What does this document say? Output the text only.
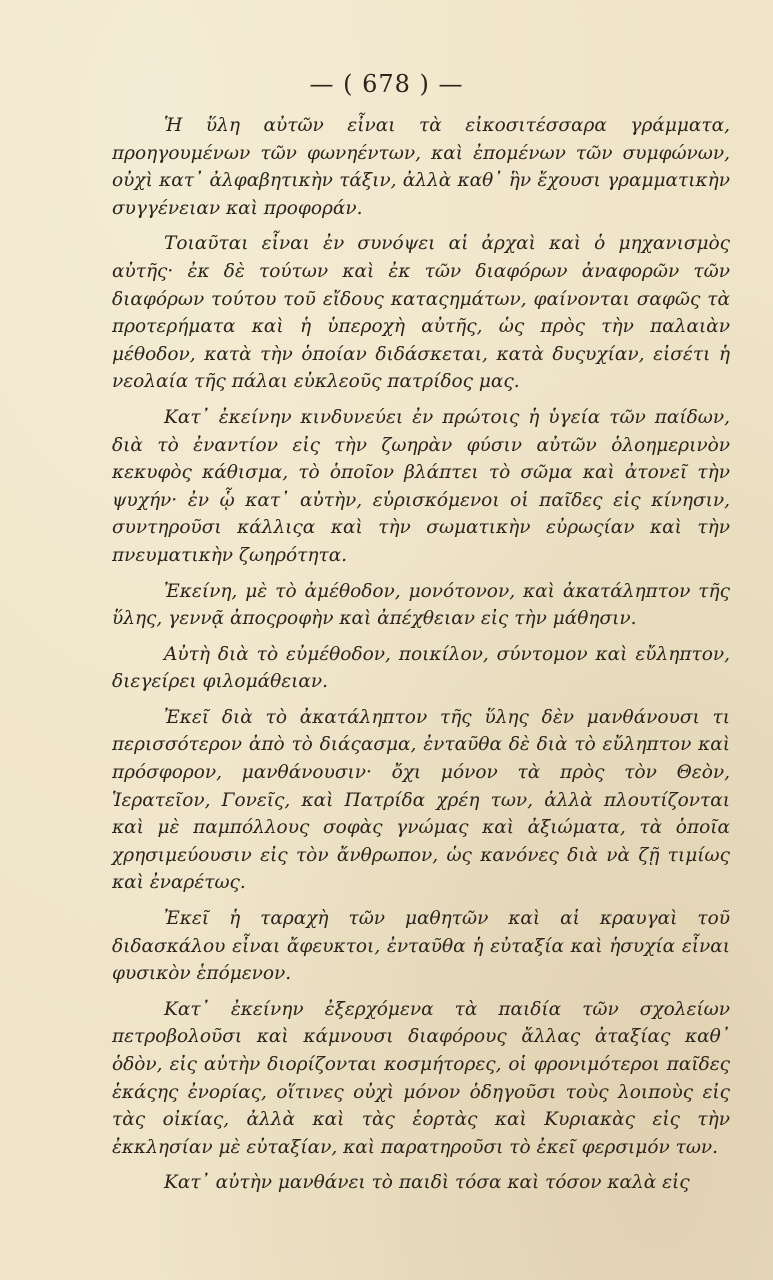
— ( 678 ) —

Ἡ ὕλη αὐτῶν εἶναι τὰ εἰκοσιτέσσαρα γράμματα, προηγουμένων τῶν φωνηέντων, καὶ ἐπομένων τῶν συμφώνων, οὐχὶ κατ᾽ ἀλφαβητικὴν τάξιν, ἀλλὰ καθ᾽ ἣν ἔχουσι γραμματικὴν συγγένειαν καὶ προφοράν.

Τοιαῦται εἶναι ἐν συνόψει αἱ ἀρχαὶ καὶ ὁ μηχανισμὸς αὐτῆς· ἐκ δὲ τούτων καὶ ἐκ τῶν διαφόρων ἀναφορῶν τῶν διαφόρων τούτου τοῦ εἴδους καταςημάτων, φαίνονται σαφῶς τὰ προτερήματα καὶ ἡ ὑπεροχὴ αὐτῆς, ὡς πρὸς τὴν παλαιὰν μέθοδον, κατὰ τὴν ὁποίαν διδάσκεται, κατὰ δυςυχίαν, εἰσέτι ἡ νεολαία τῆς πάλαι εὐκλεοῦς πατρίδος μας.

Κατ᾽ ἐκείνην κινδυνεύει ἐν πρώτοις ἡ ὑγεία τῶν παίδων, διὰ τὸ ἐναντίον εἰς τὴν ζωηρὰν φύσιν αὐτῶν ὁλοημερινὸν κεκυφὸς κάθισμα, τὸ ὁποῖον βλάπτει τὸ σῶμα καὶ ἀτονεῖ τὴν ψυχήν· ἐν ᾧ κατ᾽ αὐτὴν, εὑρισκόμενοι οἱ παῖδες εἰς κίνησιν, συντηροῦσι κάλλιςα καὶ τὴν σωματικὴν εὐρωςίαν καὶ τὴν πνευματικὴν ζωηρότητα.

Ἐκείνη, μὲ τὸ ἀμέθοδον, μονότονον, καὶ ἀκατάληπτον τῆς ὕλης, γεννᾷ ἀποςροφὴν καὶ ἀπέχθειαν εἰς τὴν μάθησιν.

Αὐτὴ διὰ τὸ εὐμέθοδον, ποικίλον, σύντομον καὶ εὔληπτον, διεγείρει φιλομάθειαν.

Ἐκεῖ διὰ τὸ ἀκατάληπτον τῆς ὕλης δὲν μανθάνουσι τι περισσότερον ἀπὸ τὸ διάςασμα, ἐνταῦθα δὲ διὰ τὸ εὔληπτον καὶ πρόσφορον, μανθάνουσιν· ὄχι μόνον τὰ πρὸς τὸν Θεὸν, Ἱερατεῖον, Γονεῖς, καὶ Πατρίδα χρέη των, ἀλλὰ πλουτίζονται καὶ μὲ παμπόλλους σοφὰς γνώμας καὶ ἀξιώματα, τὰ ὁποῖα χρησιμεύουσιν εἰς τὸν ἄνθρωπον, ὡς κανόνες διὰ νὰ ζῇ τιμίως καὶ ἐναρέτως.

Ἐκεῖ ἡ ταραχὴ τῶν μαθητῶν καὶ αἱ κραυγαὶ τοῦ διδασκάλου εἶναι ἄφευκτοι, ἐνταῦθα ἡ εὐταξία καὶ ἡσυχία εἶναι φυσικὸν ἑπόμενον.

Κατ᾽ ἐκείνην ἐξερχόμενα τὰ παιδία τῶν σχολείων πετροβολοῦσι καὶ κάμνουσι διαφόρους ἄλλας ἀταξίας καθ᾽ ὁδὸν, εἰς αὐτὴν διορίζονται κοσμήτορες, οἱ φρονιμότεροι παῖδες ἑκάςης ἐνορίας, οἵτινες οὐχὶ μόνον ὁδηγοῦσι τοὺς λοιποὺς εἰς τὰς οἰκίας, ἀλλὰ καὶ τὰς ἑορτὰς καὶ Κυριακὰς εἰς τὴν ἐκκλησίαν μὲ εὐταξίαν, καὶ παρατηροῦσι τὸ ἐκεῖ φερσιμόν των.

Κατ᾽ αὐτὴν μανθάνει τὸ παιδὶ τόσα καὶ τόσον καλὰ εἰς
